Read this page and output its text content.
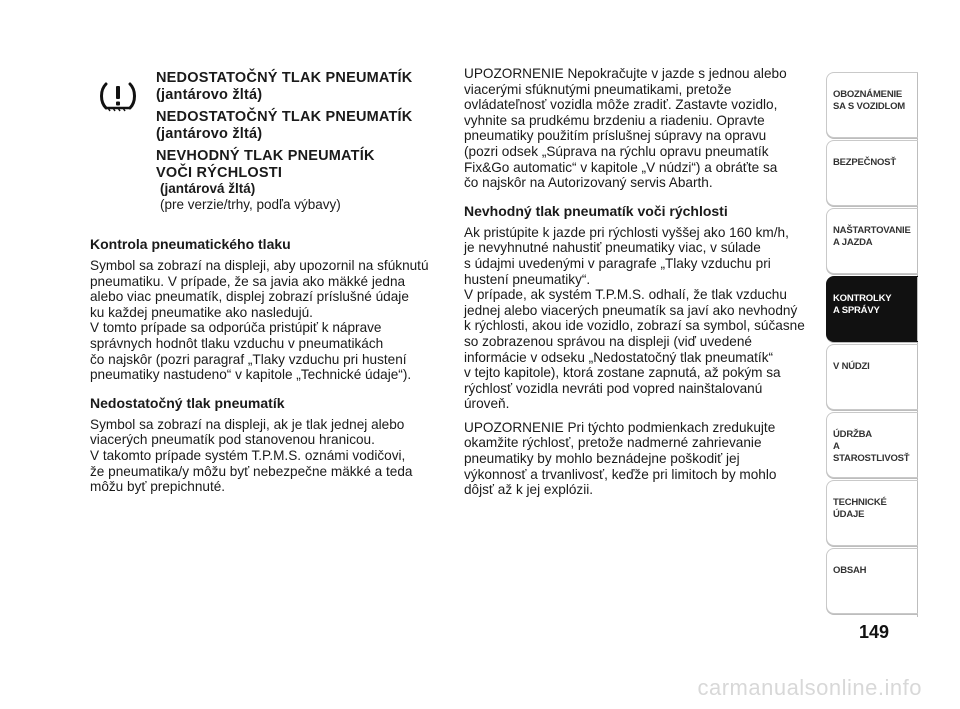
NEDOSTATOČNÝ TLAK PNEUMATÍK
(jantárovo žltá)
NEDOSTATOČNÝ TLAK PNEUMATÍK
(jantárovo žltá)
NEVHODNÝ TLAK PNEUMATÍK
VOČI RÝCHLOSTI
(jantárová žltá)
(pre verzie/trhy, podľa výbavy)
Kontrola pneumatického tlaku

Symbol sa zobrazí na displeji, aby upozornil na sfúknutú
pneumatiku. V prípade, že sa javia ako mäkké jedna
alebo viac pneumatík, displej zobrazí príslušné údaje
ku každej pneumatike ako nasledujú.
V tomto prípade sa odporúča pristúpiť k náprave
správnych hodnôt tlaku vzduchu v pneumatikách
čo najskôr (pozri paragraf „Tlaky vzduchu pri hustení
pneumatiky nastudeno“ v kapitole „Technické údaje“).

Nedostatočný tlak pneumatík

Symbol sa zobrazí na displeji, ak je tlak jednej alebo
viacerých pneumatík pod stanovenou hranicou.
V takomto prípade systém T.P.M.S. oznámi vodičovi,
že pneumatika/y môžu byť nebezpečne mäkké a teda
môžu byť prepichnuté.

UPOZORNENIE Nepokračujte v jazde s jednou alebo
viacerými sfúknutými pneumatikami, pretože
ovládateľnosť vozidla môže zradiť. Zastavte vozidlo,
vyhnite sa prudkému brzdeniu a riadeniu. Opravte
pneumatiky použitím príslušnej súpravy na opravu
(pozri odsek „Súprava na rýchlu opravu pneumatík
Fix&Go automatic“ v kapitole „V núdzi“) a obráťte sa
čo najskôr na Autorizovaný servis Abarth.

Nevhodný tlak pneumatík voči rýchlosti

Ak pristúpite k jazde pri rýchlosti vyššej ako 160 km/h,
je nevyhnutné nahustiť pneumatiky viac, v súlade
s údajmi uvedenými v paragrafe „Tlaky vzduchu pri
hustení pneumatiky“.
V prípade, ak systém T.P.M.S. odhalí, že tlak vzduchu
jednej alebo viacerých pneumatík sa javí ako nevhodný
k rýchlosti, akou ide vozidlo, zobrazí sa symbol, súčasne
so zobrazenou správou na displeji (viď uvedené
informácie v odseku „Nedostatočný tlak pneumatík“
v tejto kapitole), ktorá zostane zapnutá, až pokým sa
rýchlosť vozidla nevráti pod vopred nainštalovanú
úroveň.

UPOZORNENIE Pri týchto podmienkach zredukujte
okamžite rýchlosť, pretože nadmerné zahrievanie
pneumatiky by mohlo beznádejne poškodiť jej
výkonnosť a trvanlivosť, keďže pri limitoch by mohlo
dôjsť až k jej explózii.

OBOZNÁMENIE
SA S VOZIDLOM
BEZPEČNOSŤ
NAŠTARTOVANIE
A JAZDA
KONTROLKY
A SPRÁVY
V NÚDZI
ÚDRŽBA
A STAROSTLIVOSŤ
TECHNICKÉ
ÚDAJE
OBSAH
149
carmanualsonline.info
